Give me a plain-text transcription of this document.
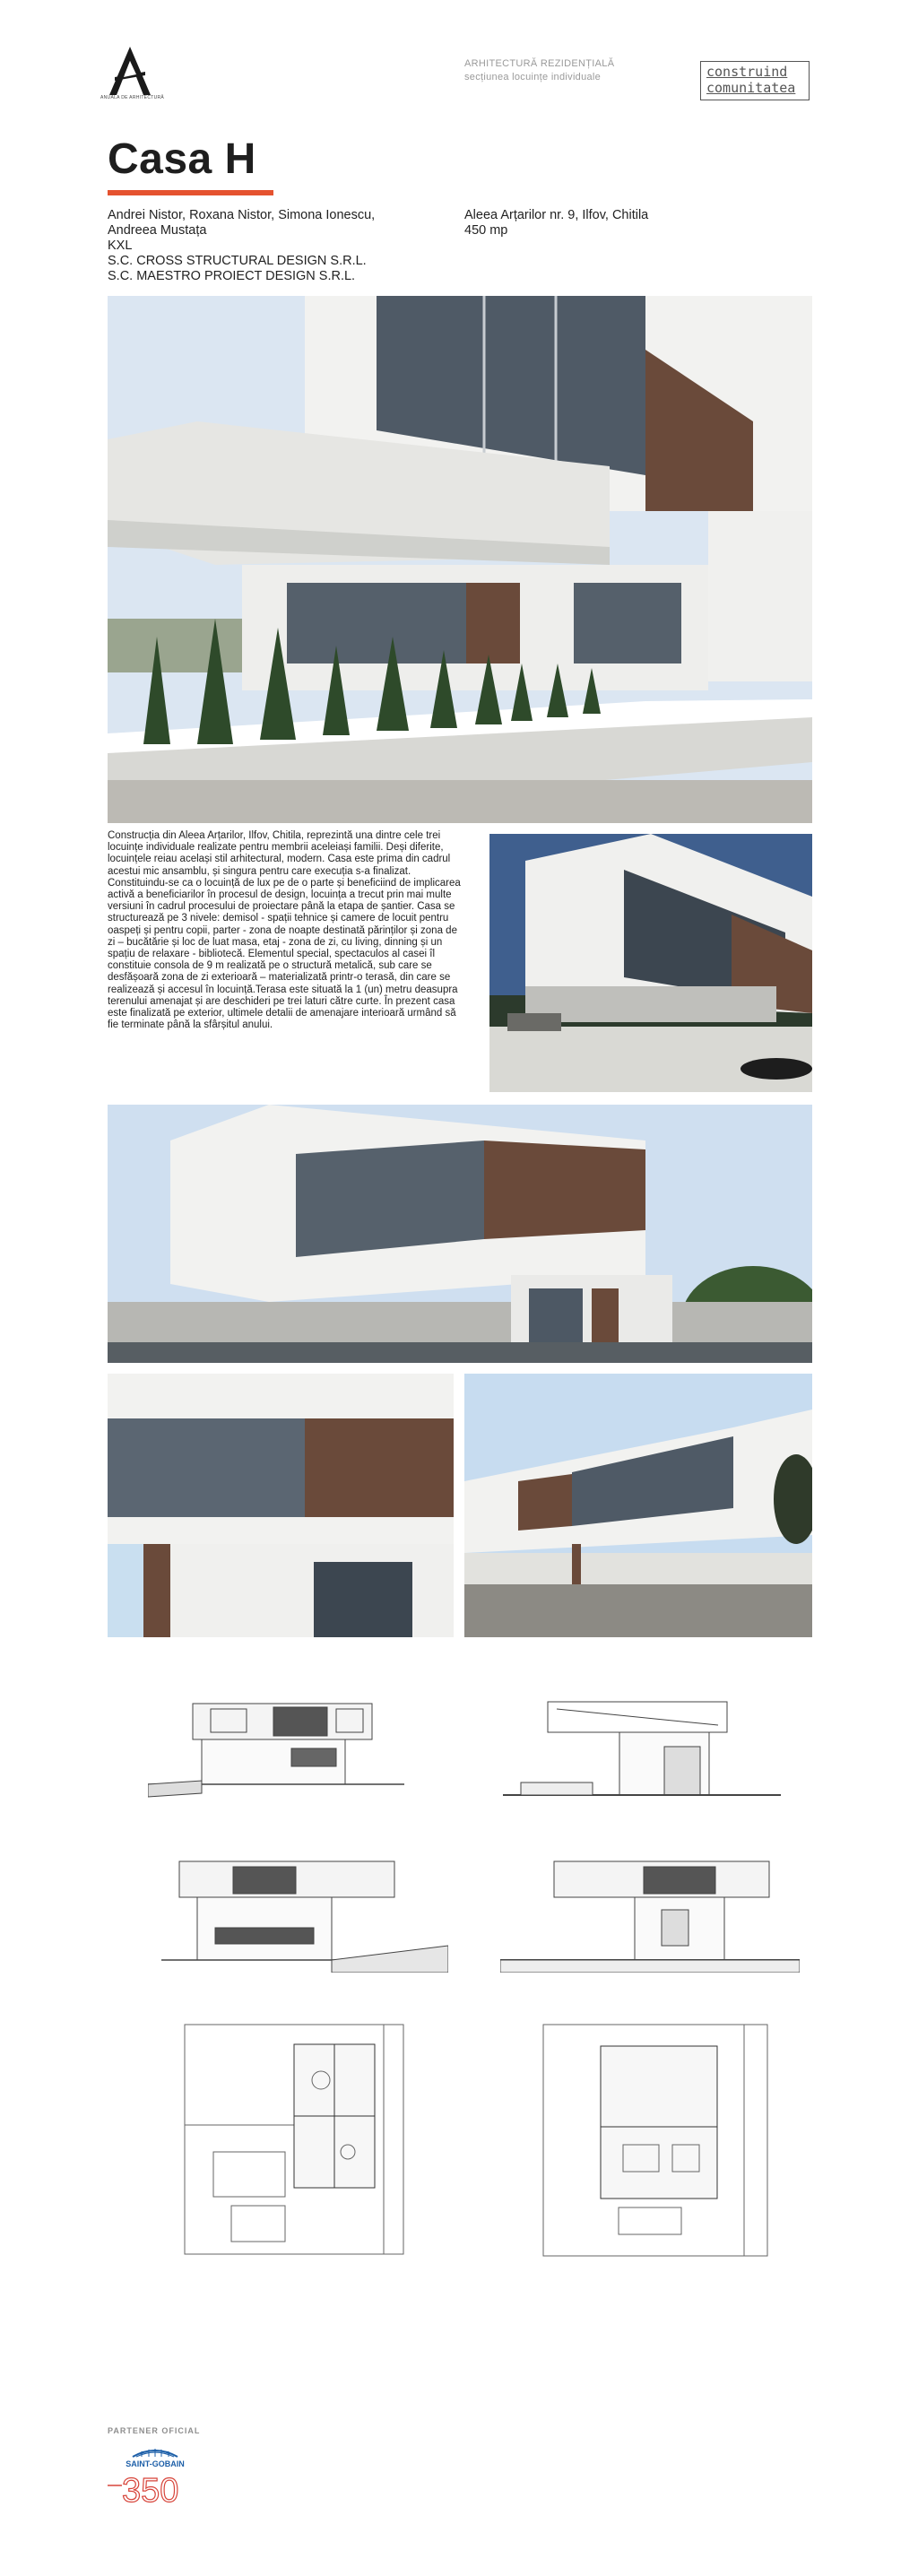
ANUALA DE ARHITECTURĂ
ARHITECTURĂ REZIDENȚIALĂ
secțiunea locuințe individuale	construind
comunitatea
Casa H
Andrei Nistor, Roxana Nistor, Simona Ionescu,
Andreea Mustața
KXL
S.C. CROSS STRUCTURAL DESIGN S.R.L.
S.C. MAESTRO PROIECT DESIGN S.R.L.
Aleea Arțarilor nr. 9, Ilfov, Chitila
450 mp

Construcția din Aleea Arțarilor, Ilfov, Chitila, reprezintă una dintre cele trei locuințe individuale realizate pentru membrii aceleiași familii. Deși diferite, locuințele reiau același stil arhitectural, modern. Casa este prima din cadrul acestui mic ansamblu, și singura pentru care execuția s-a finalizat. Constituindu-se ca o locuință de lux pe de o parte și beneficiind de implicarea activă a beneficiarilor în procesul de design, locuința a trecut prin mai multe versiuni în cadrul procesului de proiectare până la etapa de șantier. Casa se structurează pe 3 nivele: demisol - spații tehnice și camere de locuit pentru oaspeți și pentru copii, parter - zona de noapte destinată părinților și zona de zi – bucătărie și loc de luat masa, etaj - zona de zi, cu living, dinning și un spațiu de relaxare - bibliotecă. Elementul special, spectaculos al casei îl constituie consola de 9 m realizată pe o structură metalică, sub care se desfășoară zona de zi exterioară – materializată printr-o terasă, din care se realizează și accesul în locuință.Terasa este situată la 1 (un) metru deasupra terenului amenajat și are deschideri pe trei laturi către curte. În prezent casa este finalizată pe exterior, ultimele detalii de amenajare interioară urmând să fie terminate până la sfârșitul anului.

PARTENER OFICIAL
SAINT-GOBAIN
350
